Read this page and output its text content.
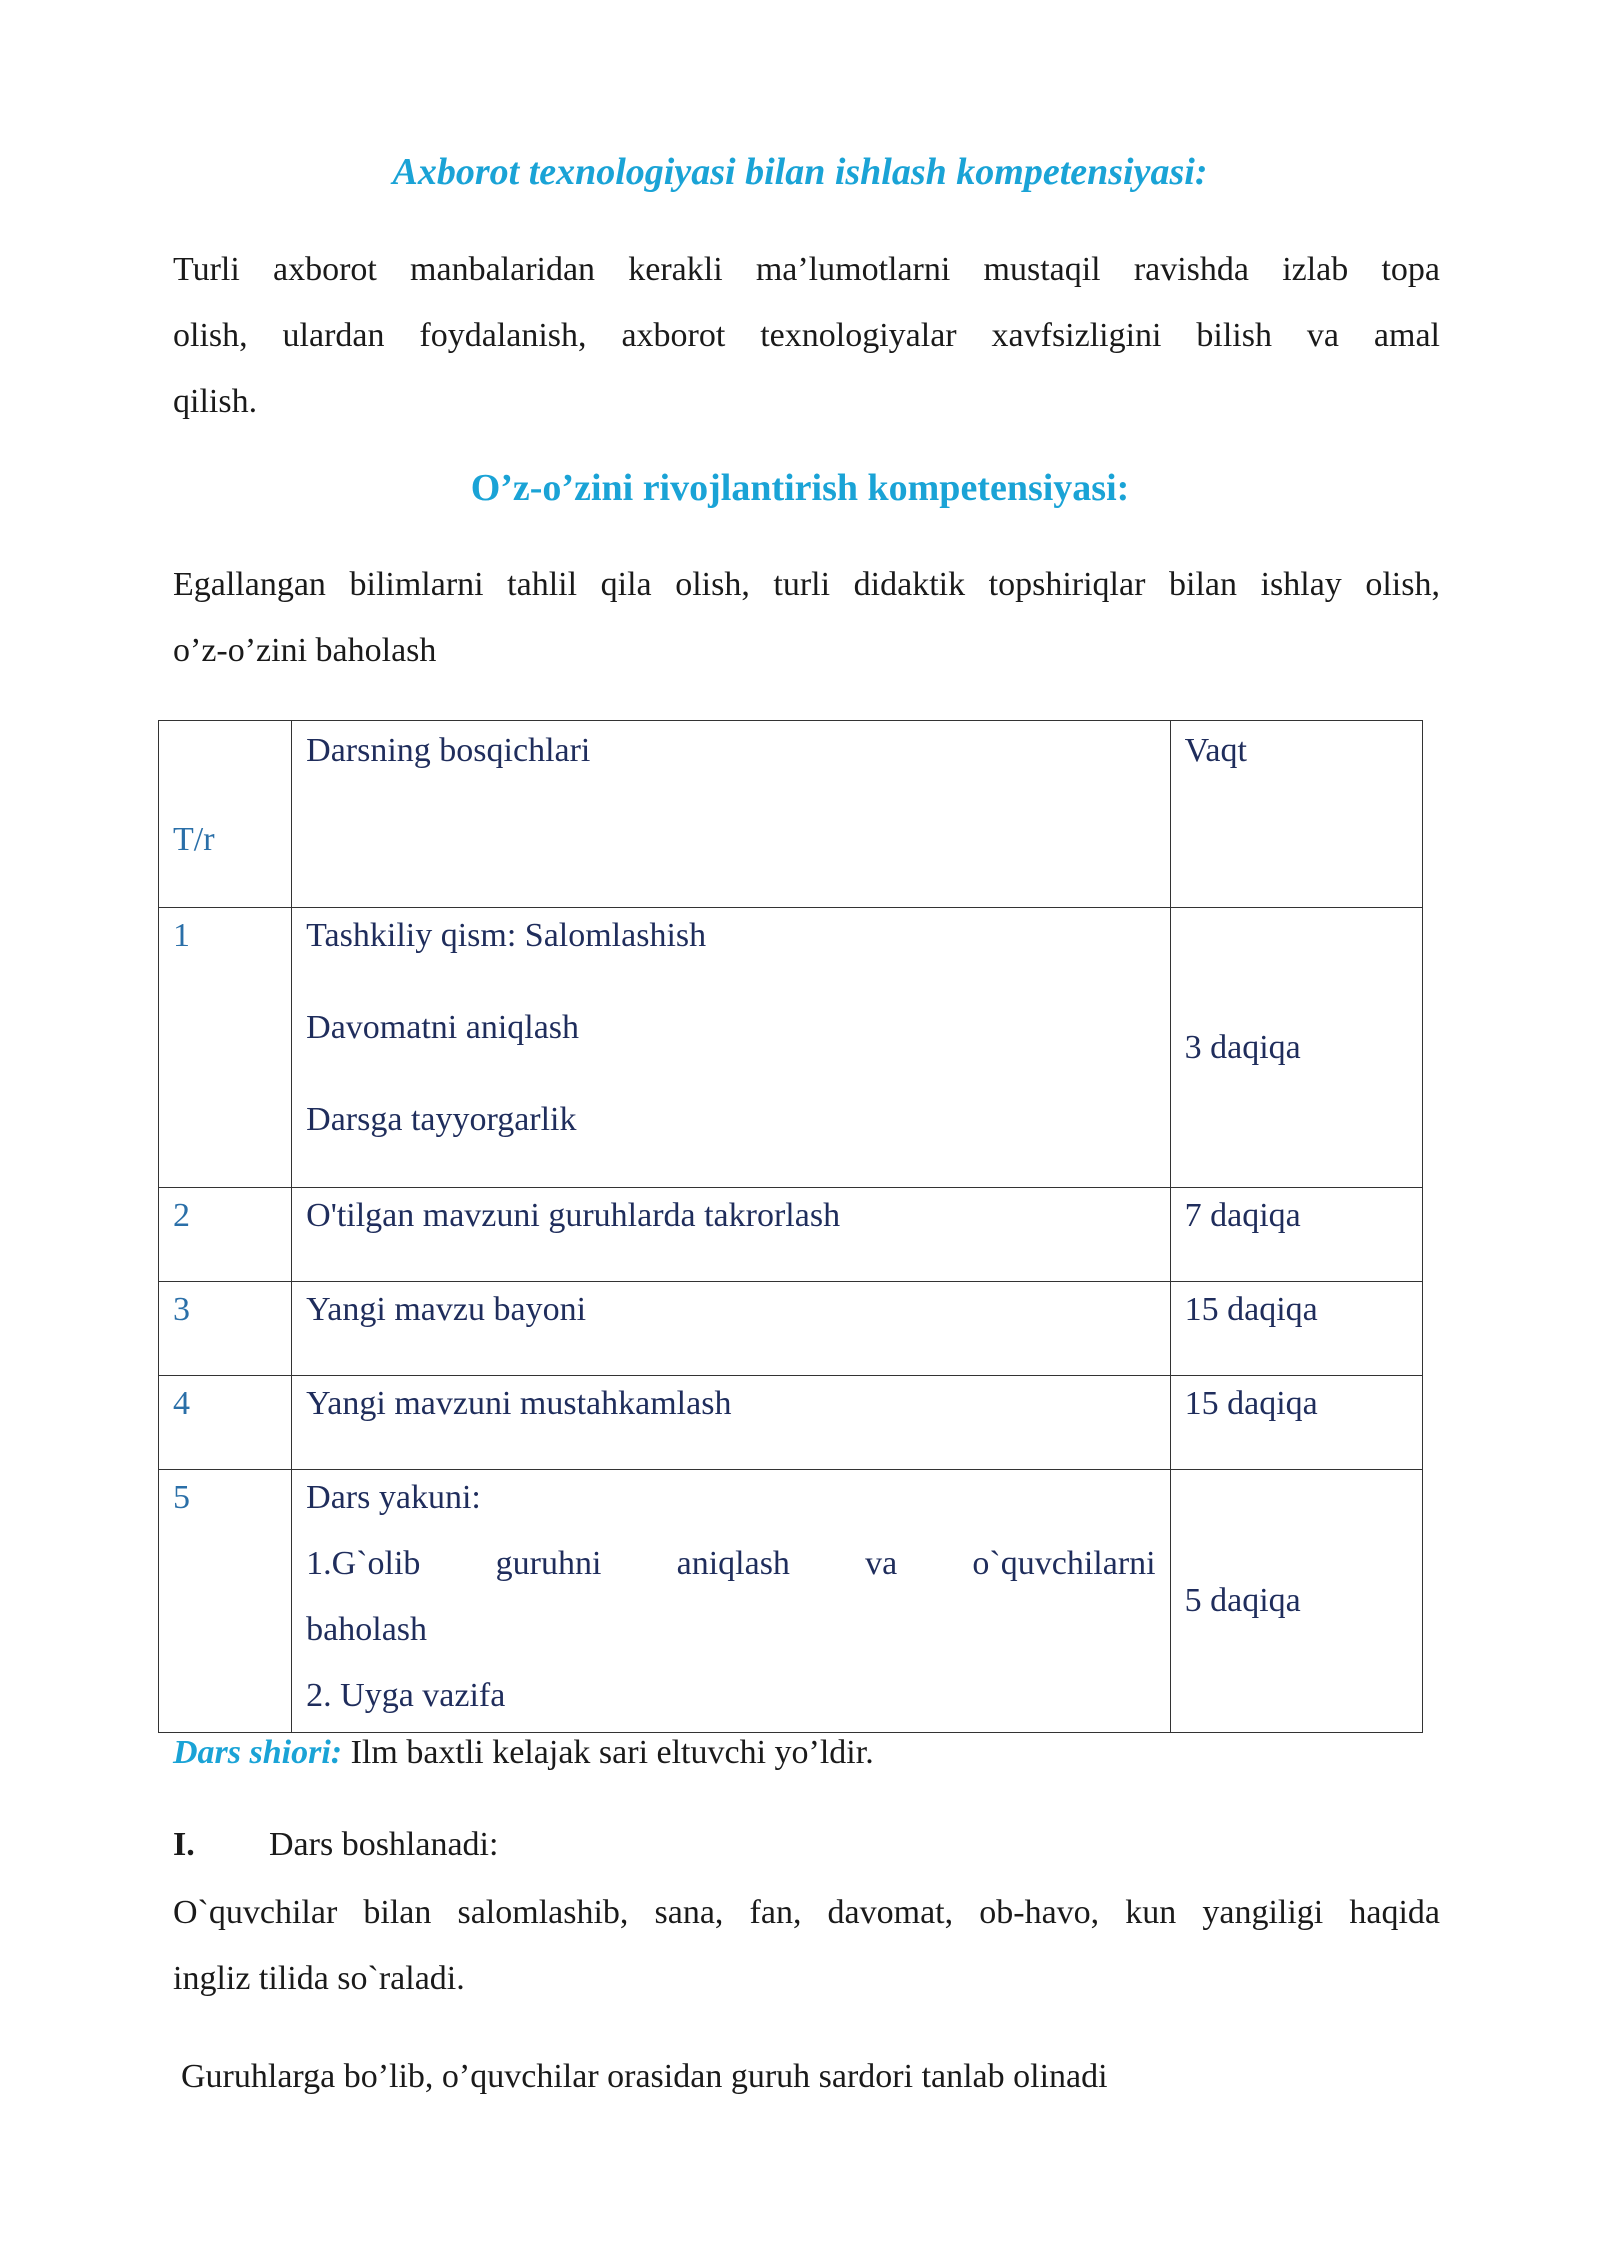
Axborot texnologiyasi bilan ishlash kompetensiyasi:
Turli axborot manbalaridan kerakli ma’lumotlarni mustaqil ravishda izlab topa
olish, ulardan foydalanish, axborot texnologiyalar xavfsizligini bilish va amal
qilish.
O’z-o’zini rivojlantirish kompetensiyasi:
Egallangan bilimlarni tahlil qila olish, turli didaktik topshiriqlar bilan ishlay olish,
o’z-o’zini baholash
T/r	Darsning bosqichlari	Vaqt

1	Tashkiliy qism: Salomlashish
Davomatni aniqlash
Darsga tayyorgarlik	3 daqiqa

2	O'tilgan mavzuni guruhlarda takrorlash	7 daqiqa

3	Yangi mavzu bayoni	15 daqiqa

4	Yangi mavzuni mustahkamlash	15 daqiqa

5	Dars yakuni:
1.G`olib guruhni aniqlash va o`quvchilarni
baholash
2. Uyga vazifa	5 daqiqa
Dars shiori: Ilm baxtli kelajak sari eltuvchi yo’ldir.
I. Dars boshlanadi:
O`quvchilar bilan salomlashib, sana, fan, davomat, ob-havo, kun yangiligi haqida
ingliz tilida so`raladi.
Guruhlarga bo’lib, o’quvchilar orasidan guruh sardori tanlab olinadi
